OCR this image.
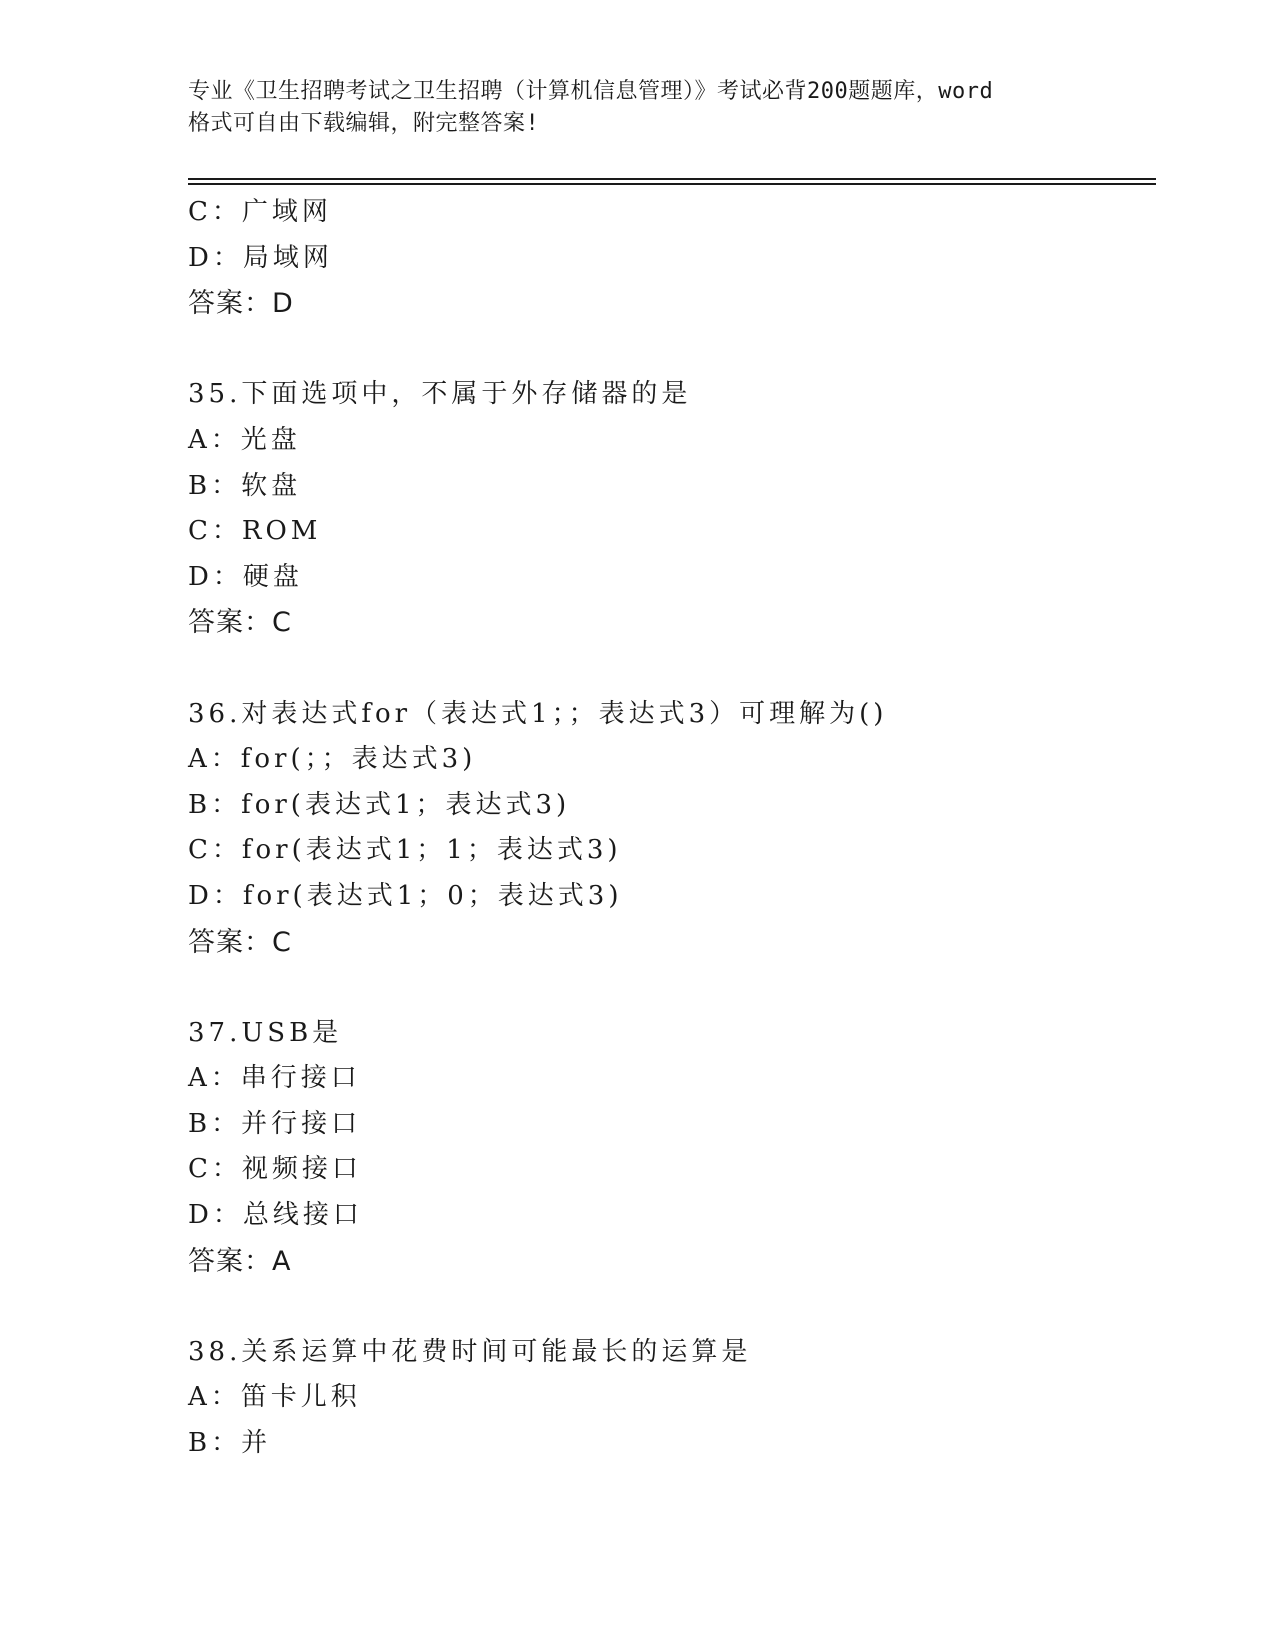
专业《卫生招聘考试之卫生招聘（计算机信息管理）》考试必背200题题库，word
格式可自由下载编辑，附完整答案!
C：广域网
D：局域网
答案：D
35.下面选项中，不属于外存储器的是
A：光盘
B：软盘
C：ROM
D：硬盘
答案：C
36.对表达式for（表达式1；；表达式3）可理解为()
A：for(；；表达式3)
B：for(表达式1；表达式3)
C：for(表达式1；1；表达式3)
D：for(表达式1；0；表达式3)
答案：C
37.USB是
A：串行接口
B：并行接口
C：视频接口
D：总线接口
答案：A
38.关系运算中花费时间可能最长的运算是
A：笛卡儿积
B：并
